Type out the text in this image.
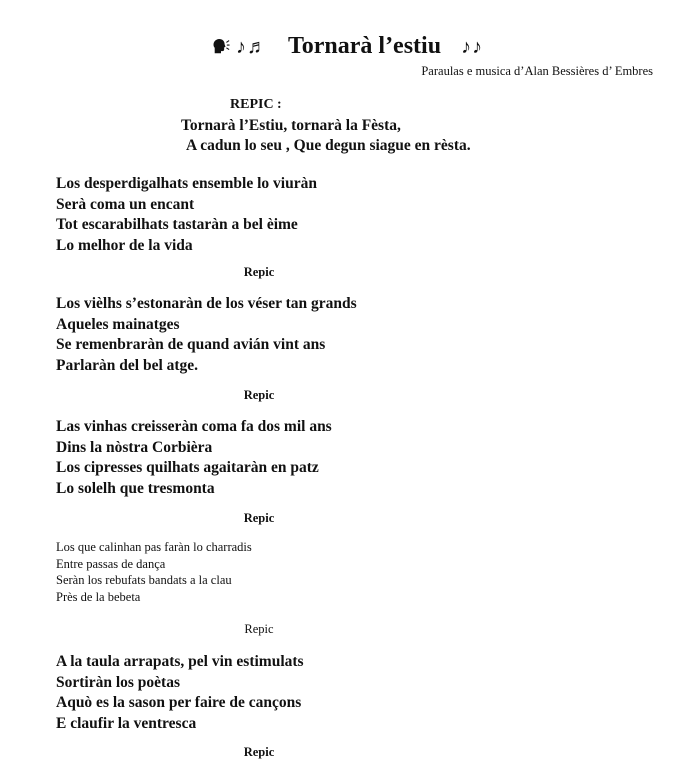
♪♬ Tornarà l’estiu ♪♪
Paraulas e musica d’Alan Bessières d’ Embres
REPIC :
Tornarà l’Estiu, tornarà la Fèsta,
A cadun lo seu , Que degun siague en rèsta.
Los desperdigalhats ensemble lo viuràn
Serà coma un encant
Tot escarabilhats tastaràn a bel èime
Lo melhor de la vida
Repic
Los vièlhs s’estonaràn de los véser tan grands
Aqueles mainatges
Se remenbraràn de quand avián vint ans
Parlaràn del bel atge.
Repic
Las vinhas creisseràn coma fa dos mil ans
Dins la nòstra Corbièra
Los cipresses quilhats agaitaràn en patz
Lo solelh que tresmonta
Repic
Los que calinhan pas faràn lo charradis
Entre passas de dança
Seràn los rebufats bandats a la clau
Près de la bebeta
Repic
A la taula arrapats, pel vin estimulats
Sortiràn los poètas
Aquò es la sason per faire de cançons
E claufir la ventresca
Repic
